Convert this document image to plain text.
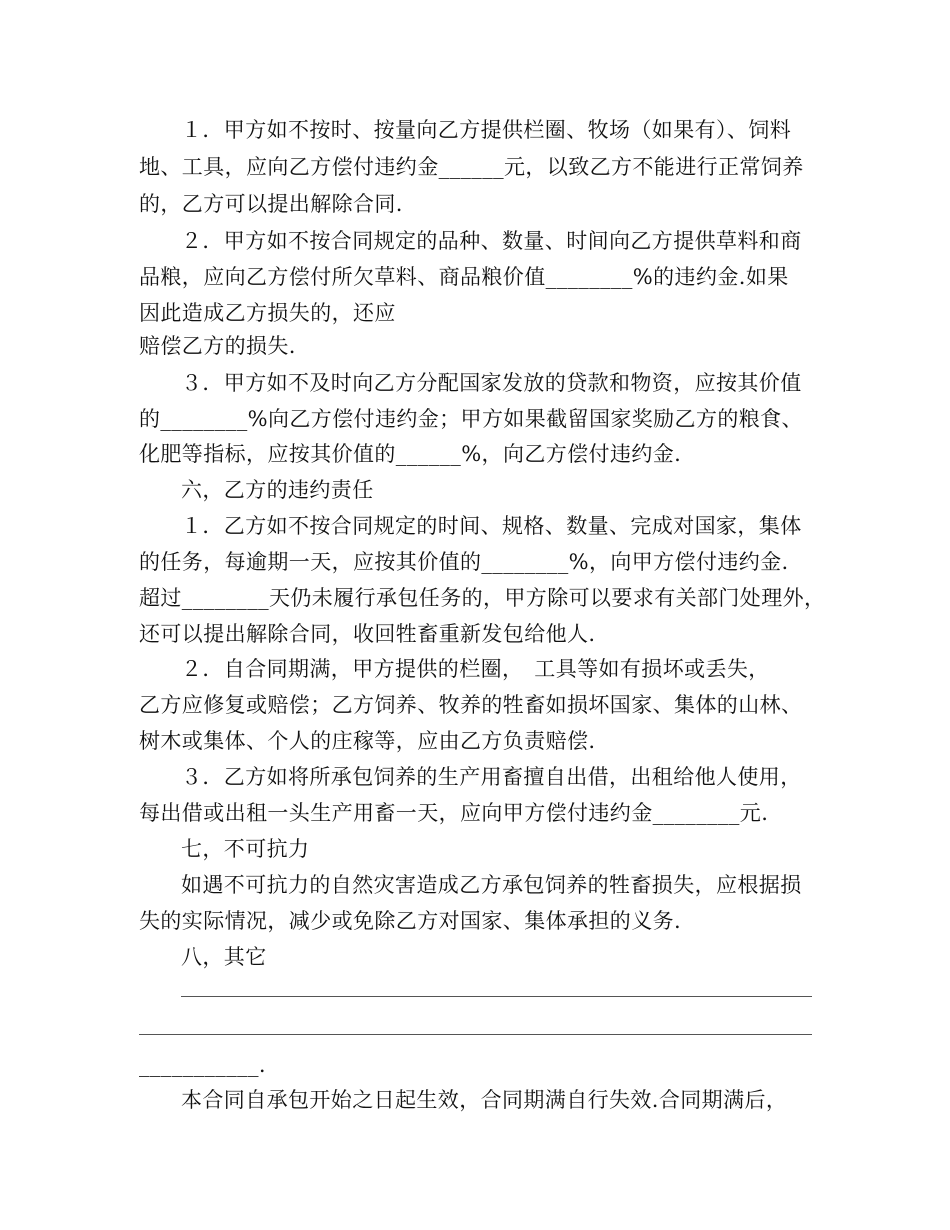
１．甲方如不按时、按量向乙方提供栏圈、牧场（如果有）、饲料
地、工具，应向乙方偿付违约金______元，以致乙方不能进行正常饲养
的，乙方可以提出解除合同.
２．甲方如不按合同规定的品种、数量、时间向乙方提供草料和商
品粮，应向乙方偿付所欠草料、商品粮价值________%的违约金.如果
因此造成乙方损失的，还应
赔偿乙方的损失.
３．甲方如不及时向乙方分配国家发放的贷款和物资，应按其价值
的________%向乙方偿付违约金；甲方如果截留国家奖励乙方的粮食、
化肥等指标，应按其价值的______%，向乙方偿付违约金.
六，乙方的违约责任
１．乙方如不按合同规定的时间、规格、数量、完成对国家，集体
的任务，每逾期一天，应按其价值的________%，向甲方偿付违约金.
超过________天仍未履行承包任务的，甲方除可以要求有关部门处理外，
还可以提出解除合同，收回牲畜重新发包给他人.
２．自合同期满，甲方提供的栏圈，　工具等如有损坏或丢失，
乙方应修复或赔偿；乙方饲养、牧养的牲畜如损坏国家、集体的山林、
树木或集体、个人的庄稼等，应由乙方负责赔偿.
３．乙方如将所承包饲养的生产用畜擅自出借，出租给他人使用，
每出借或出租一头生产用畜一天，应向甲方偿付违约金________元.
七，不可抗力
如遇不可抗力的自然灾害造成乙方承包饲养的牲畜损失，应根据损
失的实际情况，减少或免除乙方对国家、集体承担的义务.
八，其它
___________.
本合同自承包开始之日起生效，合同期满自行失效.合同期满后，
